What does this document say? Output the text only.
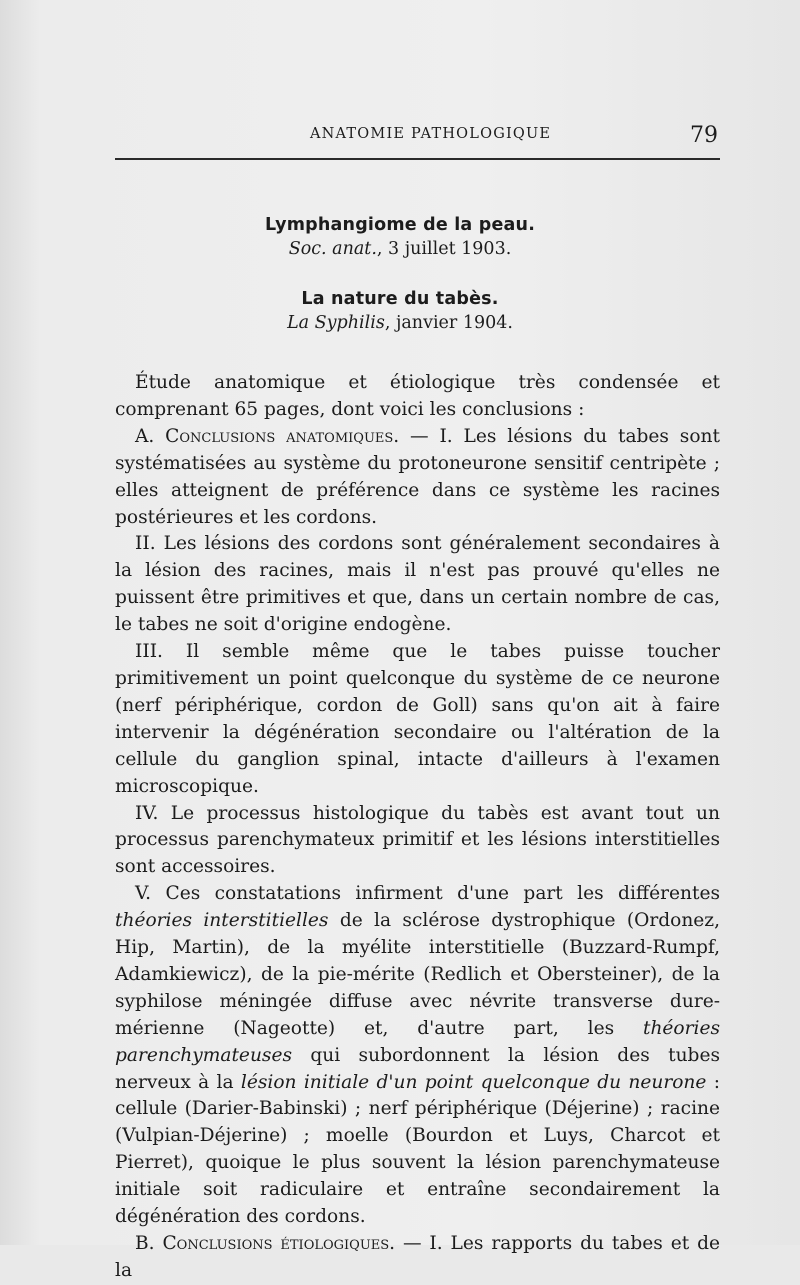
ANATOMIE PATHOLOGIQUE	79
Lymphangiome de la peau.
Soc. anat., 3 juillet 1903.
La nature du tabès.
La Syphilis, janvier 1904.

Étude anatomique et étiologique très condensée et comprenant 65 pages, dont voici les conclusions :

A. Conclusions anatomiques. — I. Les lésions du tabes sont systématisées au système du protoneurone sensitif centripète ; elles atteignent de préférence dans ce système les racines postérieures et les cordons.

II. Les lésions des cordons sont généralement secondaires à la lésion des racines, mais il n'est pas prouvé qu'elles ne puissent être primitives et que, dans un certain nombre de cas, le tabes ne soit d'origine endogène.

III. Il semble même que le tabes puisse toucher primitivement un point quelconque du système de ce neurone (nerf périphérique, cordon de Goll) sans qu'on ait à faire intervenir la dégénération secondaire ou l'altération de la cellule du ganglion spinal, intacte d'ailleurs à l'examen microscopique.

IV. Le processus histologique du tabès est avant tout un processus parenchymateux primitif et les lésions interstitielles sont accessoires.

V. Ces constatations infirment d'une part les différentes théories interstitielles de la sclérose dystrophique (Ordonez, Hip, Martin), de la myélite interstitielle (Buzzard-Rumpf, Adamkiewicz), de la pie-mérite (Redlich et Obersteiner), de la syphilose méningée diffuse avec névrite transverse dure-mérienne (Nageotte) et, d'autre part, les théories parenchymateuses qui subordonnent la lésion des tubes nerveux à la lésion initiale d'un point quelconque du neurone : cellule (Darier-Babinski) ; nerf périphérique (Déjerine) ; racine (Vulpian-Déjerine) ; moelle (Bourdon et Luys, Charcot et Pierret), quoique le plus souvent la lésion parenchymateuse initiale soit radiculaire et entraîne secondairement la dégénération des cordons.

B. Conclusions étiologiques. — I. Les rapports du tabes et de la
